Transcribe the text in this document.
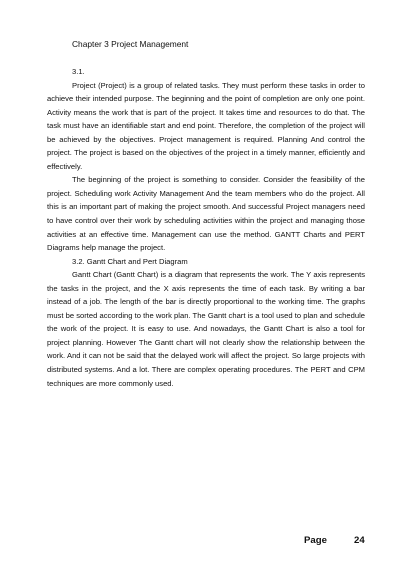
Chapter 3 Project Management

3.1.

Project (Project) is a group of related tasks. They must perform these tasks in order to achieve their intended purpose. The beginning and the point of completion are only one point. Activity means the work that is part of the project. It takes time and resources to do that. The task must have an identifiable start and end point. Therefore, the completion of the project will be achieved by the objectives. Project management is required. Planning And control the project. The project is based on the objectives of the project in a timely manner, efficiently and effectively.

The beginning of the project is something to consider. Consider the feasibility of the project. Scheduling work Activity Management And the team members who do the project. All this is an important part of making the project smooth. And successful Project managers need to have control over their work by scheduling activities within the project and managing those activities at an effective time. Management can use the method. GANTT Charts and PERT Diagrams help manage the project.

3.2. Gantt Chart and Pert Diagram

Gantt Chart (Gantt Chart) is a diagram that represents the work. The Y axis represents the tasks in the project, and the X axis represents the time of each task. By writing a bar instead of a job. The length of the bar is directly proportional to the working time. The graphs must be sorted according to the work plan. The Gantt chart is a tool used to plan and schedule the work of the project. It is easy to use. And nowadays, the Gantt Chart is also a tool for project planning. However The Gantt chart will not clearly show the relationship between the work. And it can not be said that the delayed work will affect the project. So large projects with distributed systems. And a lot. There are complex operating procedures. The PERT and CPM techniques are more commonly used.

Page	24
